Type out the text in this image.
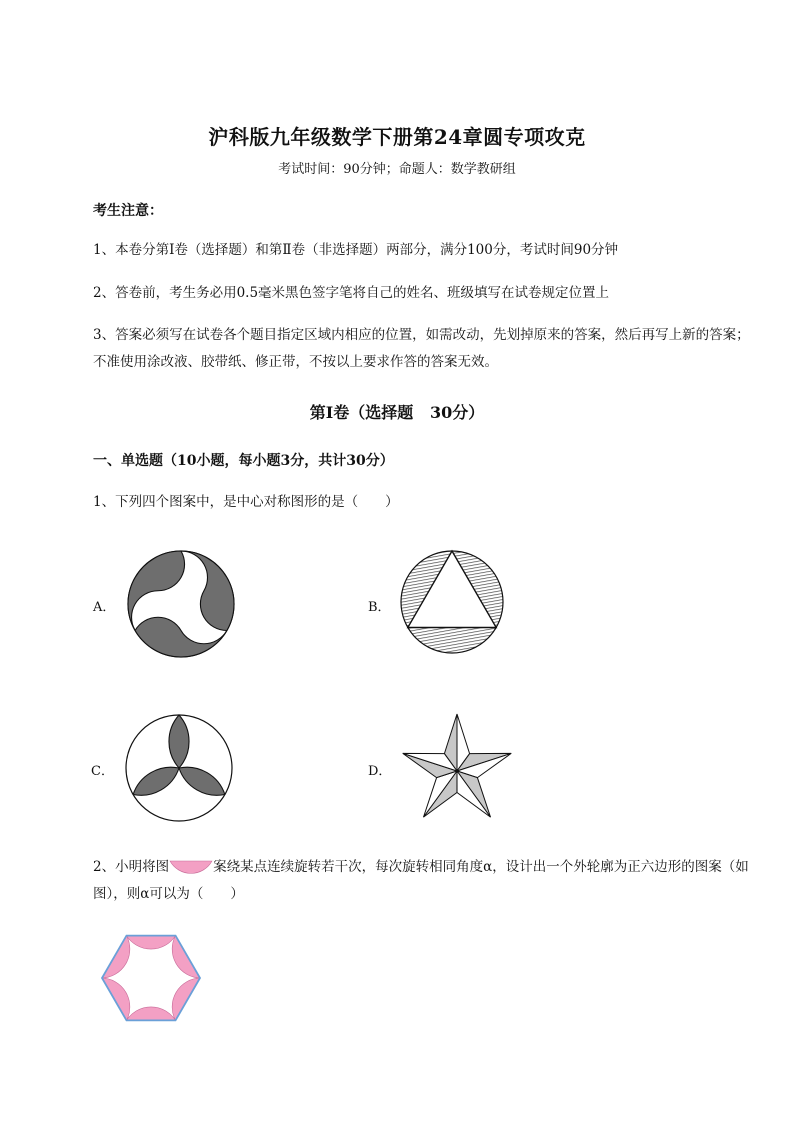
沪科版九年级数学下册第24章圆专项攻克
考试时间：90分钟；命题人：数学教研组
考生注意：
1、本卷分第I卷（选择题）和第Ⅱ卷（非选择题）两部分，满分100分，考试时间90分钟
2、答卷前，考生务必用0.5毫米黑色签字笔将自己的姓名、班级填写在试卷规定位置上
3、答案必须写在试卷各个题目指定区域内相应的位置，如需改动，先划掉原来的答案，然后再写上新的答案；不准使用涂改液、胶带纸、修正带，不按以上要求作答的答案无效。
第I卷（选择题   30分）
一、单选题（10小题，每小题3分，共计30分）
1、下列四个图案中，是中心对称图形的是（　　）
A．	B．
C．	D．
2、小明将图	案绕某点连续旋转若干次，每次旋转相同角度α，设计出一个外轮廓为正六边形的图案（如图），则α可以为（　　）
